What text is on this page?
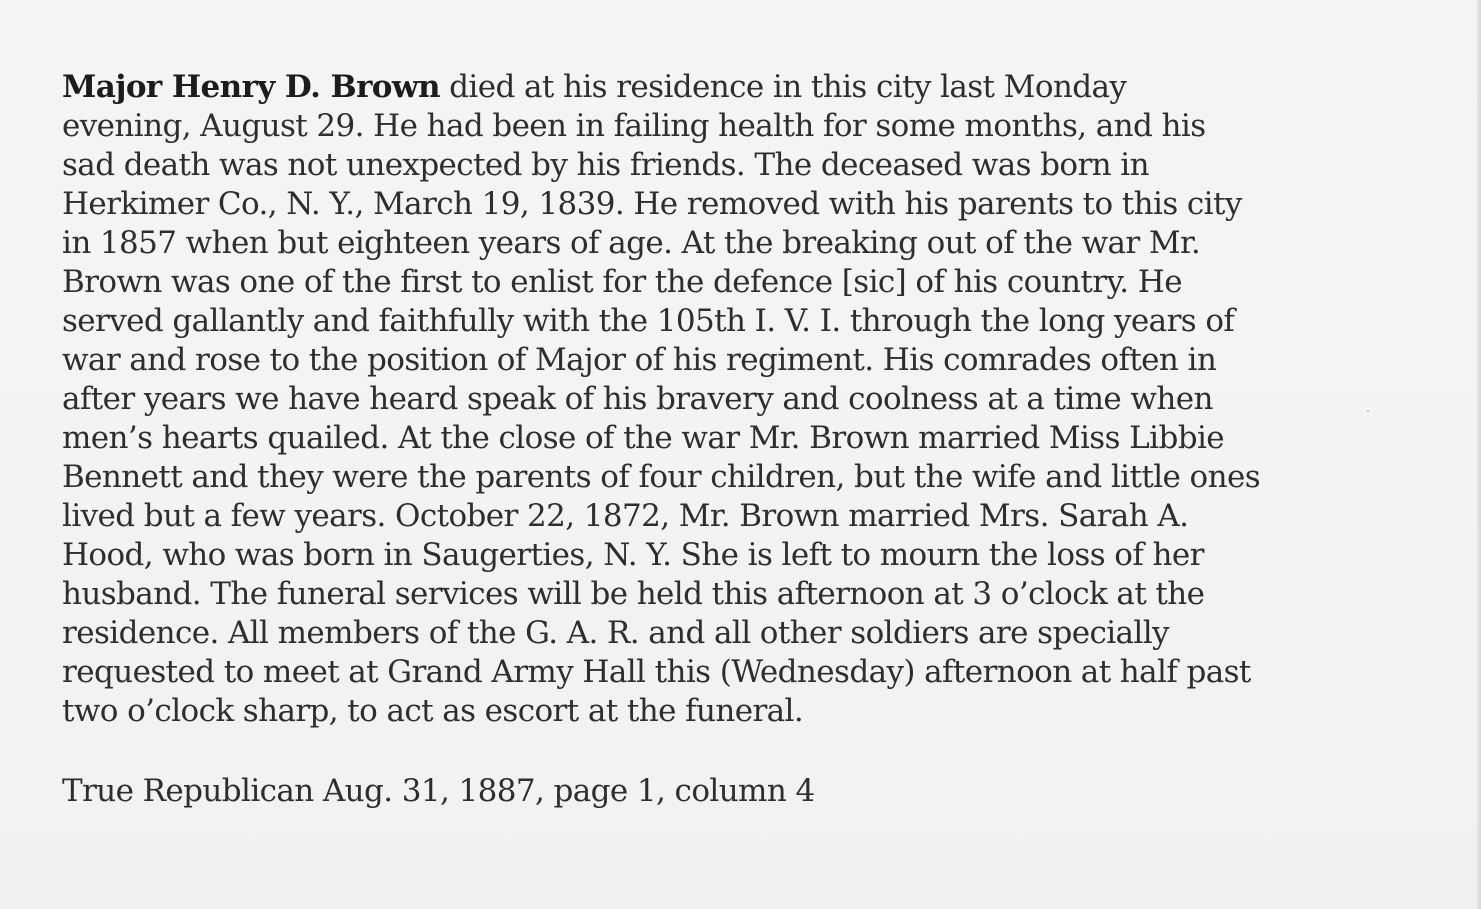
Major Henry D. Brown died at his residence in this city last Monday
evening, August 29. He had been in failing health for some months, and his
sad death was not unexpected by his friends. The deceased was born in
Herkimer Co., N. Y., March 19, 1839. He removed with his parents to this city
in 1857 when but eighteen years of age. At the breaking out of the war Mr.
Brown was one of the first to enlist for the defence [sic] of his country. He
served gallantly and faithfully with the 105th I. V. I. through the long years of
war and rose to the position of Major of his regiment. His comrades often in
after years we have heard speak of his bravery and coolness at a time when
men’s hearts quailed. At the close of the war Mr. Brown married Miss Libbie
Bennett and they were the parents of four children, but the wife and little ones
lived but a few years. October 22, 1872, Mr. Brown married Mrs. Sarah A.
Hood, who was born in Saugerties, N. Y. She is left to mourn the loss of her
husband. The funeral services will be held this afternoon at 3 o’clock at the
residence. All members of the G. A. R. and all other soldiers are specially
requested to meet at Grand Army Hall this (Wednesday) afternoon at half past
two o’clock sharp, to act as escort at the funeral.

True Republican Aug. 31, 1887, page 1, column 4
